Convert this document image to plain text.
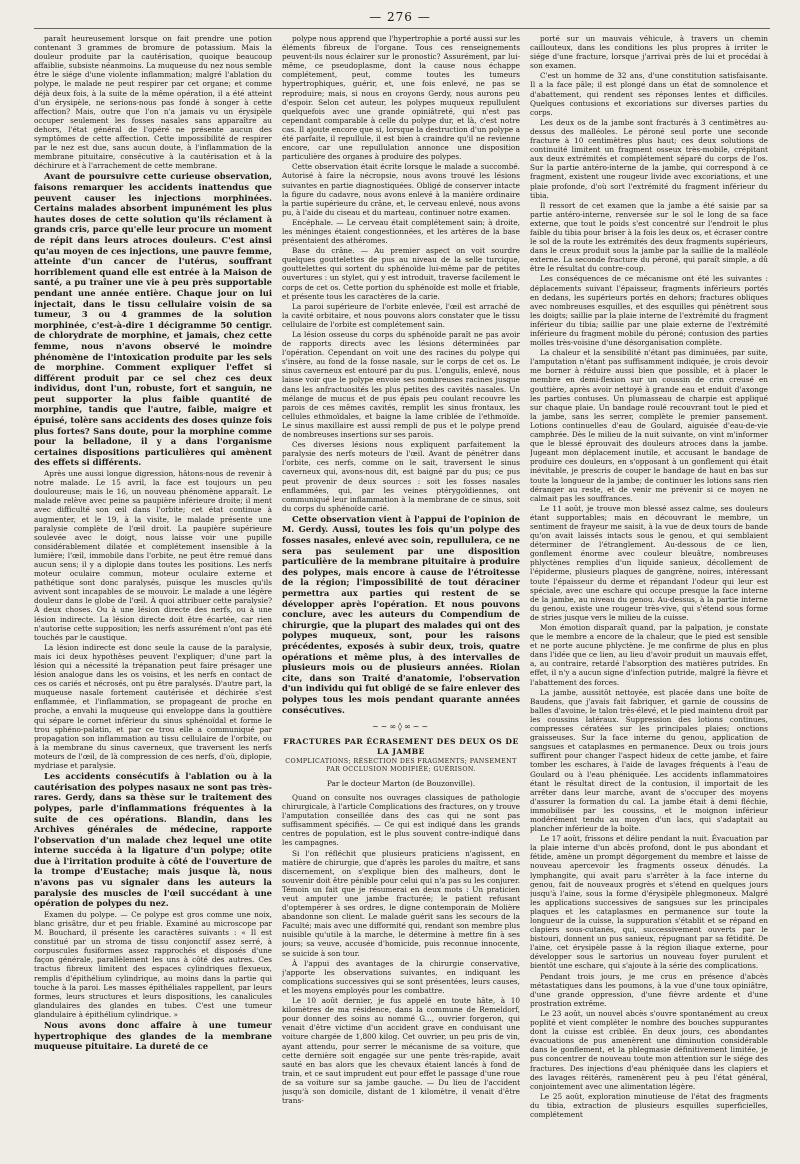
— 276 —

paraît heureusement lorsque on fait prendre une potion contenant 3 grammes de bromure de potassium. Mais la douleur produite par la cautérisation, quoique beaucoup affaiblie, subsiste néanmoins. La muqueuse du nez nous semble être le siége d'une violente inflammation; malgré l'ablation du polype, le malade ne peut respirer par cet organe; et comme déjà deux fois, à la suite de la même opération, il a été atteint d'un érysipèle, ne serions-nous pas fondé à songer à cette affection? Mais, outre que l'on n'a jamais vu un érysipèle occuper seulement les fosses nasales sans apparaître au dehors, l'état général de l'opéré ne présente aucun des symptômes de cette affection. Cette impossibilité de respirer par le nez est due, sans aucun doute, à l'inflammation de la membrane pituitaire, consécutive à la cautérisation et à la déchirure et à l'arrachement de cette membrane.

Avant de poursuivre cette curieuse observation, faisons remarquer les accidents inattendus que peuvent causer les injections morphinées. Certains malades absorbent impunément les plus hautes doses de cette solution qu'ils réclament à grands cris, parce qu'elle leur procure un moment de répit dans leurs atroces douleurs. C'est ainsi qu'au moyen de ces injections, une pauvre femme, atteinte d'un cancer de l'utérus, souffrant horriblement quand elle est entrée à la Maison de santé, a pu traîner une vie à peu près supportable pendant une année entière. Chaque jour on lui injectait, dans le tissu cellulaire voisin de sa tumeur, 3 ou 4 grammes de la solution morphinée, c'est-à-dire 1 décigramme 50 centigr. de chlorydrate de morphine, et jamais, chez cette femme, nous n'avons observé le moindre phénomène de l'intoxication produite par les sels de morphine. Comment expliquer l'effet si différent produit par ce sel chez ces deux individus, dont l'un, robuste, fort et sanguin, ne peut supporter la plus faible quantité de morphine, tandis que l'autre, faible, maigre et épuisé, tolère sans accidents des doses quinze fois plus fortes? Sans doute, pour la morphine comme pour la belladone, il y a dans l'organisme certaines dispositions particulières qui amènent des effets si différents.

Après une aussi longue digression, hâtons-nous de revenir à notre malade. Le 15 avril, la face est toujours un peu douloureuse; mais le 16, un nouveau phénomène apparaît. Le malade relève avec peine sa paupière inférieure droite; il ment avec difficulté son œil dans l'orbite; cet état continue à augmenter, et le 19, à la visite, le malade présente une paralysie complète de l'œil droit. La paupière supérieure soulevée avec le doigt, nous laisse voir une pupille considérablement dilatée et complétement insensible à la lumière; l'œil, immobile dans l'orbite, ne peut être remué dans aucun sens; il y a diplopie dans toutes les positions. Les nerfs moteur oculaire commun, moteur oculaire externe et pathétique sont donc paralysés, puisque les muscles qu'ils avivent sont incapables de se mouvoir. Le malade a une légère douleur dans le globe de l'œil. À quoi attribuer cette paralysie? À deux choses. Ou à une lésion directe des nerfs, ou à une lésion indirecte. La lésion directe doit être écartée, car rien n'autorise cette supposition; les nerfs assurément n'ont pas été touchés par le caustique.

La lésion indirecte est donc seule la cause de la paralysie, mais ici deux hypothèses peuvent l'expliquer; d'une part la lésion qui a nécessité la trépanation peut faire présager une lésion analogue dans les os voisins, et les nerfs en contact de ces os cariés et nécrosés, ont pu être paralysés. D'autre part, la muqueuse nasale fortement cautérisée et déchirée s'est enflammée, et l'inflammation, se propageant de proche en proche, a envahi la muqueuse qui enveloppe dans la gouttière qui sépare le cornet inférieur du sinus sphénoïdal et forme le trou sphéno-palatin, et par ce trou elle a communiqué par propagation son inflammation au tissu cellulaire de l'orbite, ou à la membrane du sinus caverneux, que traversent les nerfs moteurs de l'œil, de là compression de ces nerfs, d'où, diplopie, mydriase et paralysie.

Les accidents consécutifs à l'ablation ou à la cautérisation des polypes nasaux ne sont pas très-rares. Gerdy, dans sa thèse sur le traitement des polypes, parle d'inflammations fréquentes à la suite de ces opérations. Blandin, dans les Archives générales de médecine, rapporte l'observation d'un malade chez lequel une otite interne succéda à la ligature d'un polype; otite due à l'irritation produite à côté de l'ouverture de la trompe d'Eustache; mais jusque là, nous n'avons pas vu signaler dans les auteurs la paralysie des muscles de l'œil succédant à une opération de polypes du nez.

Examen du polype. — Ce polype est gros comme une noix, blanc grisâtre, dur et peu friable. Examiné au microscope par M. Bouchard, il présente les caractères suivants : « Il est constitué par un stroma de tissu conjonctif assez serré, à corpuscules fusiformes assez rapprochés et disposés d'une façon générale, parallèlement les uns à côté des autres. Ces tractus fibreux limitent des espaces cylindriques flexueux, remplis d'épithélium cylindrique, au moins dans la partie qui touche à la paroi. Les masses épithéliales rappellent, par leurs formes, leurs structures et leurs dispositions, les canalicules glandulaires des glandes en tubes. C'est une tumeur glandulaire à épithélium cylindrique. »

Nous avons donc affaire à une tumeur hypertrophique des glandes de la membrane muqueuse pituitaire. La dureté de ce

polype nous apprend que l'hypertrophie a porté aussi sur les éléments fibreux de l'organe. Tous ces renseignements peuvent-ils nous éclairer sur le pronostic? Assurément, par lui-même, ce pseudoplasme, dont la cause nous échappe complétement, peut, comme toutes les tumeurs hypertrophiques, guérir, et, une fois enlevé, ne pas se reproduire; mais, si nous en croyons Gerdy, nous aurons peu d'espoir. Selon cet auteur, les polypes muqueux repullulent quelquefois avec une grande opiniâtreté, qui n'est pas cependant comparable à celle du polype dur, et là, c'est notre cas. Il ajoute encore que si, lorsque la destruction d'un polype a été parfaite, il repullule, il est bien à craindre qu'il ne revienne encore, car une repullulation annonce une disposition particulière des organes à produire des polypes.

Cette observation était écrite lorsque le malade a succombé. Autorisé à faire la nécropsie, nous avons trouvé les lésions suivantes en partie diagnostiquées. Obligé de conserver intacte la figure du cadavre, nous avons enlevé à la manière ordinaire la partie supérieure du crâne, et, le cerveau enlevé, nous avons pu, à l'aide du ciseau et du marteau, continuer notre examen.

Encéphale. — Le cerveau était complétement sain; à droite, les méninges étaient congestionnées, et les artères de la base présentaient des athéromes.

Base du crâne. — Au premier aspect on voit sourdre quelques gouttelettes de pus au niveau de la selle turcique, gouttelettes qui sortent du sphénoïde lui-même par de petites ouvertures : un stylet, qui y est introduit, traverse facilement le corps de cet os. Cette portion du sphénoïde est molle et friable, et présente tous les caractères de la carie.

La paroi supérieure de l'orbite enlevée, l'œil est arraché de la cavité orbitaire, et nous pouvons alors constater que le tissu cellulaire de l'orbite est complétement sain.

La lésion osseuse du corps du sphénoïde paraît ne pas avoir de rapports directs avec les lésions déterminées par l'opération. Cependant on voit une des racines du polype qui s'insère, au fond de la fosse nasale, sur le corps de cet os. Le sinus caverneux est entouré par du pus. L'ongulis, enlevé, nous laisse voir que le polype envoie ses nombreuses racines jusque dans les anfractuosités les plus petites des cavités nasales. Un mélange de mucus et de pus épais peu coulant recouvre les parois de ces mêmes cavités, remplit les sinus frontaux, les cellules ethmoïdales, et baigne la lame criblée de l'ethmoïde. Le sinus maxillaire est aussi rempli de pus et le polype prend de nombreuses insertions sur ses parois.

Ces diverses lésions nous expliquent parfaitement la paralysie des nerfs moteurs de l'œil. Avant de pénétrer dans l'orbite, ces nerfs, comme on le sait, traversent le sinus caverneux qui, avons-nous dit, est baigné par du pus; ce pus peut provenir de deux sources : soit les fosses nasales enflammées, qui, par les veines ptérygoïdiennes, ont communiqué leur inflammation à la membrane de ce sinus, soit du corps du sphénoïde carié.

Cette observation vient à l'appui de l'opinion de M. Gerdy. Aussi, toutes les fois qu'un polype des fosses nasales, enlevé avec soin, repullulera, ce ne sera pas seulement par une disposition particulière de la membrane pituitaire à produire des polypes, mais encore à cause de l'étroitesse de la région; l'impossibilité de tout déraciner permettra aux parties qui restent de se développer après l'opération. Et nous pouvons conclure, avec les auteurs du Compendium de chirurgie, que la plupart des malades qui ont des polypes muqueux, sont, pour les raisons précédentes, exposés à subir deux, trois, quatre opérations et même plus, à des intervalles de plusieurs mois ou de plusieurs années. Riolan cite, dans son Traité d'anatomie, l'observation d'un individu qui fut obligé de se faire enlever des polypes tous les mois pendant quarante années consécutives.

~~∞◊∞~~
FRACTURES PAR ÉCRASEMENT DES DEUX OS DE LA JAMBE
COMPLICATIONS; RÉSECTION DES FRAGMENTS; PANSEMENT PAR OCCLUSION MODIFIÉE; GUÉRISON.
Par le docteur Marton (de Bouzonville).

Quand on consulte nos ouvrages classiques de pathologie chirurgicale, à l'article Complications des fractures, on y trouve l'amputation conseillée dans des cas qui ne sont pas suffisamment spécifiés. — Ce qui est indiqué dans les grands centres de population, est le plus souvent contre-indiqué dans les campagnes.

Si l'on réfléchit que plusieurs praticiens n'agissent, en matière de chirurgie, que d'après les paroles du maître, et sans discernement, on s'explique bien des malheurs, dont le souvenir doit être pénible pour celui qui n'a pas su les conjurer. Témoin un fait que je résumerai en deux mots : Un praticien veut amputer une jambe fracturée; le patient refusant d'optempérer à ses ordres, le digne contemporain de Molière abandonne son client. Le malade guérit sans les secours de la Faculté; mais avec une difformité qui, rendant son membre plus nuisible qu'utile à la marche, le détermine à mettre fin à ses jours; sa veuve, accusée d'homicide, puis reconnue innocente, se suicide à son tour.

À l'appui des avantages de la chirurgie conservative, j'apporte les observations suivantes, en indiquant les complications successives qui se sont présentées, leurs causes, et les moyens employés pour les combattre.

Le 10 août dernier, je fus appelé en toute hâte, à 10 kilomètres de ma résidence, dans la commune de Remeldorf, pour donner des soins au nommé G..., ouvrier forgeron, qui venait d'être victime d'un accident grave en conduisant une voiture chargée de 1,800 kilog. Cet ouvrier, un peu pris de vin, ayant attendu, pour serrer le mécanisme de sa voiture, que cette dernière soit engagée sur une pente très-rapide, avait sauté en bas alors que les chevaux étaient lancés à fond de train, et ce saut imprudent eut pour effet le passage d'une roue de sa voiture sur sa jambe gauche. — Du lieu de l'accident jusqu'à son domicile, distant de 1 kilomètre, il venait d'être trans-

porté sur un mauvais véhicule, à travers un chemin caillouteux, dans les conditions les plus propres à irriter le siége d'une fracture, lorsque j'arrivai près de lui et procédai à son examen.

C'est un homme de 32 ans, d'une constitution satisfaisante. Il a la face pâle; il est plongé dans un état de somnolence et d'abattement, qui rendent ses réponses lentes et difficiles. Quelques contusions et excoriations sur diverses parties du corps.

Les deux os de la jambe sont fracturés à 3 centimètres au-dessus des malléoles. Le péroné seul porte une seconde fracture à 10 centimètres plus haut; ces deux solutions de continuité limitent un fragment osseux très-mobile, crépitant aux deux extrémités et complétement séparé du corps de l'os. Sur la partie antéro-interne de la jambe, qui correspond à ce fragment, existent une rougeur livide avec excoriations, et une plaie profonde, d'où sort l'extrémité du fragment inférieur du tibia.

Il ressort de cet examen que la jambe a été saisie par sa partie antéro-interne, renversée sur le sol le long de sa face externe, que tout le poids s'est concentré sur l'endroit le plus faible du tibia pour briser à la fois les deux os, et écraser contre le sol de la route les extrémités des deux fragments supérieurs, dans le creux produit sous la jambe par la saillie de la malléole externe. La seconde fracture du péroné, qui paraît simple, a dû être le résultat du contre-coup.

Les conséquences de ce mécanisme ont été les suivantes : déplacements suivant l'épaisseur, fragments inférieurs portés en dedans, les supérieurs portés en dehors; fractures obliques avec nombreuses esquilles, et des esquilles qui pénètrent sous les doigts; saillie par la plaie interne de l'extrémité du fragment inférieur du tibia; saillie par une plaie externe de l'extrémité inférieure du fragment mobile du péroné; contusion des parties molles très-voisine d'une désorganisation complète.

La chaleur et la sensibilité n'étant pas diminuées, par suite, l'amputation n'étant pas suffisamment indiquée, je crois devoir me borner à réduire aussi bien que possible, et à placer le membre en demi-flexion sur un coussin de crin creusé en gouttière, après avoir nettoyé à grande eau et enduit d'axonge les parties contuses. Un plumasseau de charpie est appliqué sur chaque plaie. Un bandage roulé recouvrant tout le pied et la jambe, sans les serrer, complète le premier pansement. Lotions continuelles d'eau de Goulard, aiguisée d'eau-de-vie camphrée. Dès le milieu de la nuit suivante, on vint m'informer que le blessé éprouvait des douleurs atroces dans la jambe. Jugeant mon déplacement inutile, et accusant le bandage de produire ces douleurs, en s'opposant à un gonflement qui était inévitable, je prescris de couper le bandage de haut en bas sur toute la longueur de la jambe; de continuer les lotions sans rien déranger au reste, et de venir me prévenir si ce moyen ne calmait pas les souffrances.

Le 11 août, je trouve mon blessé assez calme, ses douleurs étant supportables; mais en découvrant le membre, un sentiment de frayeur me saisit, à la vue de deux tours de bande qu'on avait laissés intacts sous le genou, et qui semblaient déterminer de l'étranglement. Au-dessous de ce lien, gonflement énorme avec couleur bleuâtre, nombreuses phlyctènes remplies d'un liquide sanieux, décollement de l'épiderme, plusieurs plaques de gangrène, noires, intéressant toute l'épaisseur du derme et répandant l'odeur qui leur est spéciale, avec une eschare qui occupe presque la face interne de la jambe, au niveau du genou. Au-dessus, à la partie interne du genou, existe une rougeur très-vive, qui s'étend sous forme de stries jusque vers le milieu de la cuisse.

Mon émotion disparaît quand, par la palpation, je constate que le membre a encore de la chaleur, que le pied est sensible et ne porte aucune phlyctène. Je me confirme de plus en plus dans l'idée que ce lien, au lieu d'avoir produit un mauvais effet, a, au contraire, retardé l'absorption des matières putrides. En effet, il n'y a aucun signe d'infection putride, malgré la fièvre et l'abattement des forces.

La jambe, aussitôt nettoyée, est placée dans une boîte de Baudens, que j'avais fait fabriquer, et garnie de coussins de balles d'avoine, le talon très-élevé, et le pied maintenu droit par les coussins latéraux. Suppression des lotions continues, compresses cératées sur les principales plaies; onctions graisseuses. Sur la face interne du genou, application de sangsues et cataplasmes en permanence. Deux ou trois jours suffirent pour changer l'aspect hideux de cette jambe, et faire tomber les eschares, à l'aide de lavages fréquents à l'eau de Goulard ou à l'eau phéniquée. Les accidents inflammatoires étant le résultat direct de la contusion, il importait de les arrêter dans leur marche, avant de s'occuper des moyens d'assurer la formation du cal. La jambe était à demi fléchie, immobilisée par les coussins, et le moignon inférieur modérément tendu au moyen d'un lacs, qui s'adaptait au plancher inférieur de la boîte.

Le 17 août, frissons et délire pendant la nuit. Évacuation par la plaie interne d'un abcès profond, dont le pus abondant et fétide, amène un prompt dégorgement du membre et laisse de nouveau apercevoir les fragments osseux dénudés. La lymphangite, qui avait paru s'arrêter à la face interne du genou, fait de nouveaux progrès et s'étend en quelques jours jusqu'à l'aine, sous la forme d'érysipèle phlegmoneux. Malgré les applications successives de sangsues sur les principales plaques et les cataplasmes en permanence sur toute la longueur de la cuisse, la suppuration s'établit et se répand en clapiers sous-cutanés, qui, successivement ouverts par le bistouri, donnent un pus sanieux, répugnant par sa fétidité. De l'aine, cet érysipèle passe à la région iliaque externe, pour développer sous le sartorius un nouveau foyer purulent et bientôt une eschare, qui s'ajoute à la série des complications.

Pendant trois jours, je me crus en présence d'abcès métastatiques dans les poumons, à la vue d'une toux opiniâtre, d'une grande oppression, d'une fièvre ardente et d'une prostration extrême.

Le 23 août, un nouvel abcès s'ouvre spontanément au creux poplité et vient compléter le nombre des bouches suppurantes dont la cuisse est criblée. En deux jours, ces abondantes évacuations de pus amenèrent une diminution considérable dans le gonflement, et la phlegmasie définitivement limitée, je pus concentrer de nouveau toute mon attention sur le siége des fractures. Des injections d'eau phéniquée dans les clapiers et des lavages réitérés, ramenèrent peu à peu l'état général, conjointement avec une alimentation légère.

Le 25 août, exploration minutieuse de l'état des fragments du tibia, extraction de plusieurs esquilles superficielles, complétement
